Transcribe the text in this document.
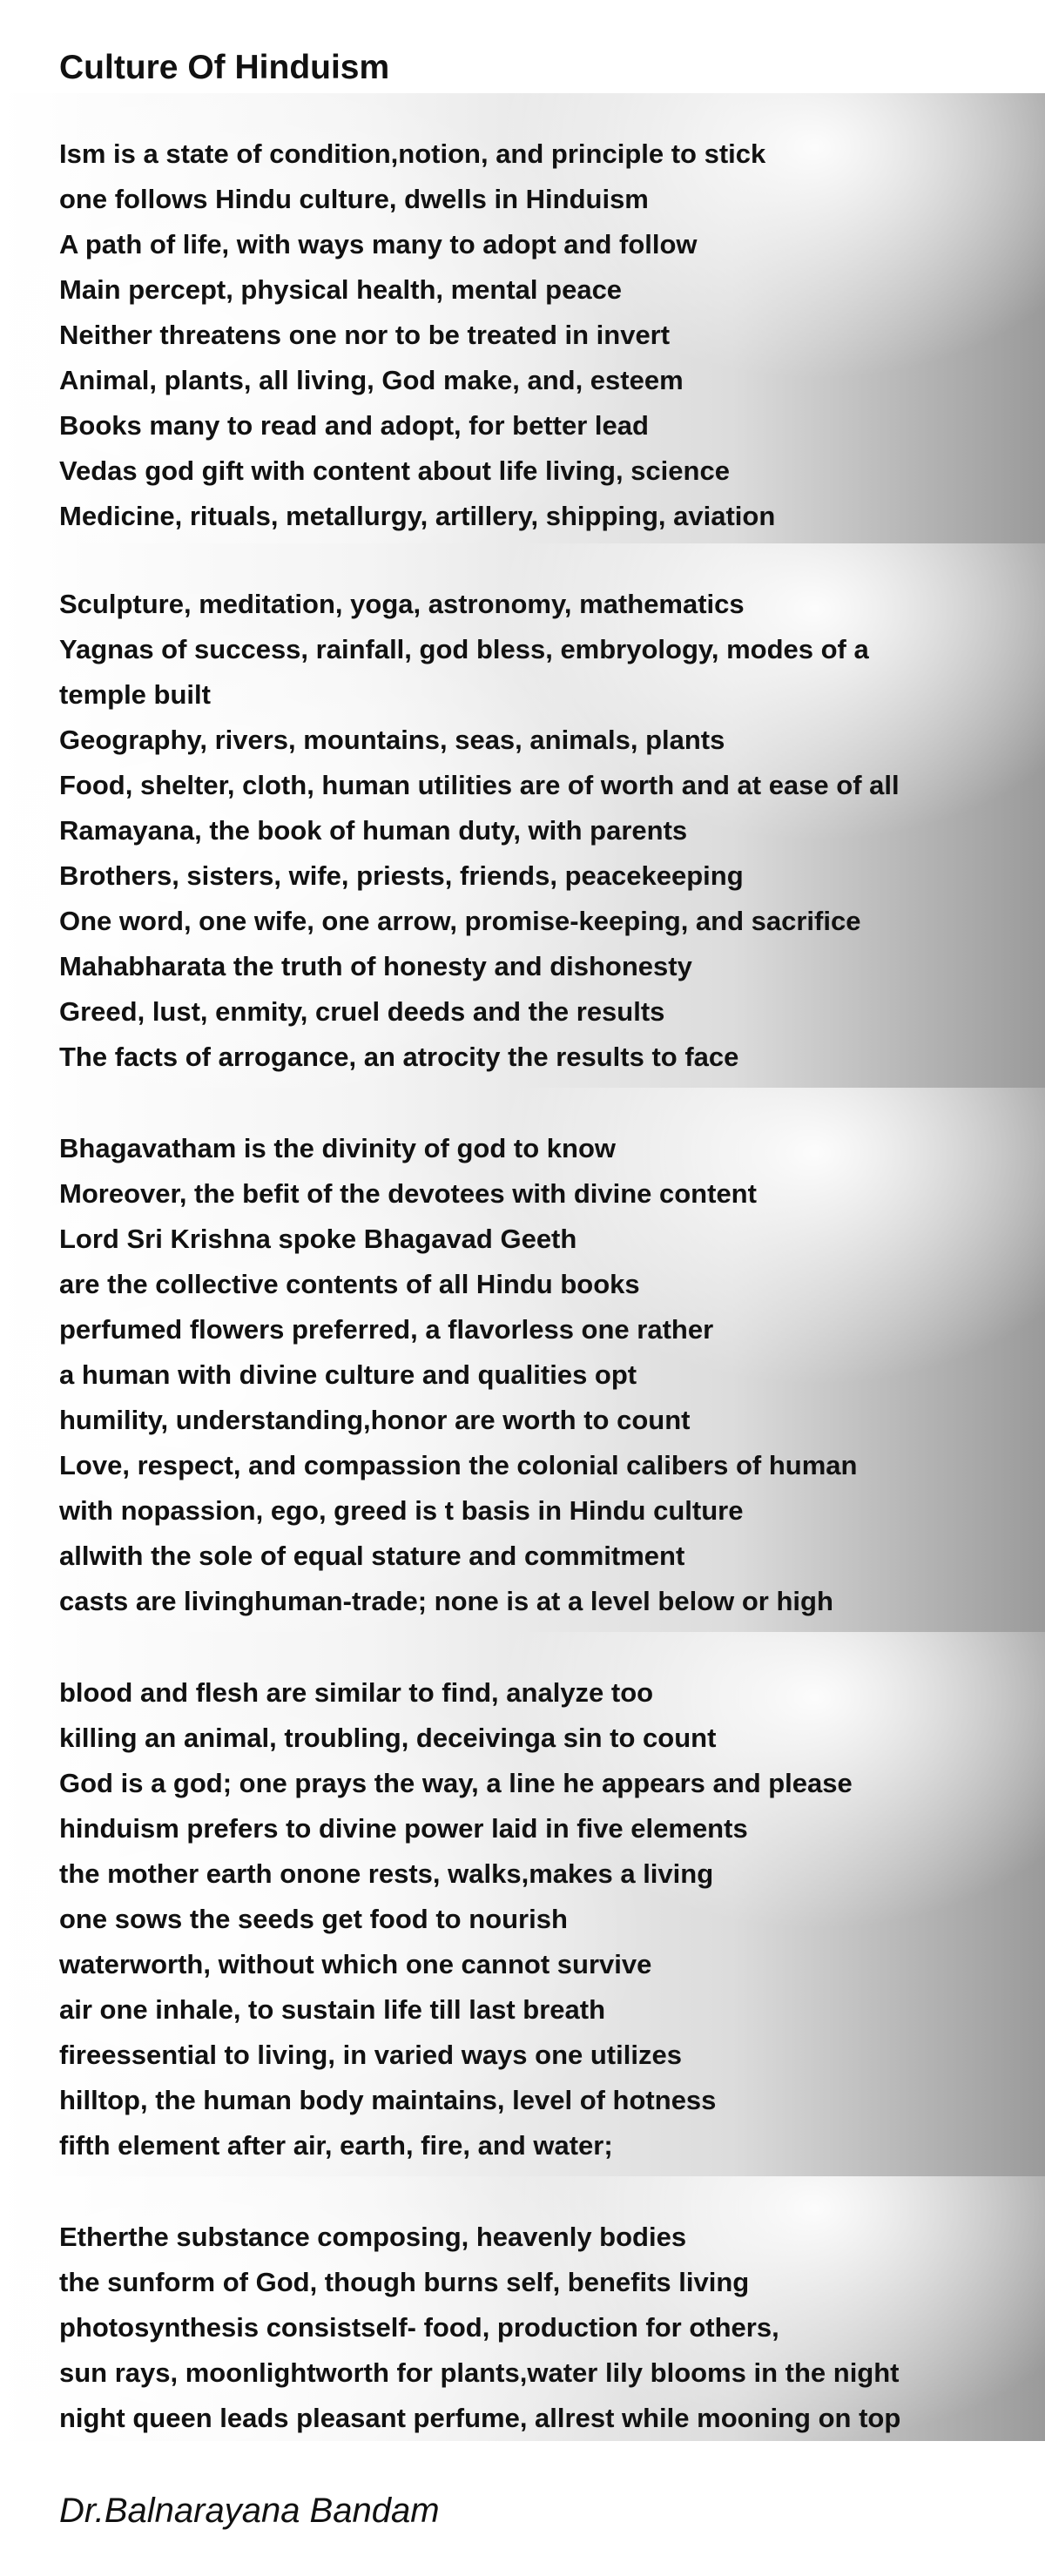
Culture Of Hinduism
Ism is a state of condition,notion, and principle to stick
one follows Hindu culture, dwells in Hinduism
A path of life, with ways many to adopt and follow
Main percept, physical health, mental peace
Neither threatens one nor to be treated in invert
Animal, plants, all living, God make, and, esteem
Books many to read and adopt, for better lead
Vedas god gift with content about life living, science
Medicine, rituals, metallurgy, artillery, shipping, aviation
Sculpture, meditation, yoga, astronomy, mathematics
Yagnas of success, rainfall, god bless, embryology, modes of a
temple built
Geography, rivers, mountains, seas, animals, plants
Food, shelter, cloth, human utilities are of worth and at ease of all
Ramayana, the book of human duty, with parents
Brothers, sisters, wife, priests, friends, peacekeeping
One word, one wife, one arrow, promise-keeping, and sacrifice
Mahabharata the truth of honesty and dishonesty
Greed, lust, enmity, cruel deeds and the results
The facts of arrogance, an atrocity the results to face
Bhagavatham is the divinity of god to know
Moreover, the befit of the devotees with divine content
Lord Sri Krishna spoke Bhagavad Geeth
are the collective contents of all Hindu books
perfumed flowers preferred, a flavorless one rather
a human with divine culture and qualities opt
humility, understanding,honor are worth to count
Love, respect, and compassion the colonial calibers of human
with nopassion, ego, greed is t basis in Hindu culture
allwith the sole of equal stature and commitment
casts are livinghuman-trade; none is at a level below or high
blood and flesh are similar to find, analyze too
killing an animal, troubling, deceivinga sin to count
God is a god; one prays the way, a line he appears and please
hinduism prefers to divine power laid in five elements
the mother earth onone rests, walks,makes a living
one sows the seeds get food to nourish
waterworth, without which one cannot survive
air one inhale, to sustain life till last breath
fireessential to living, in varied ways one utilizes
hilltop, the human body maintains, level of hotness
fifth element after air, earth, fire, and water;
Etherthe substance composing, heavenly bodies
the sunform of God, though burns self, benefits living
photosynthesis consistself- food, production for others,
sun rays, moonlightworth for plants,water lily blooms in the night
night queen leads pleasant perfume, allrest while mooning on top

Dr.Balnarayana Bandam
